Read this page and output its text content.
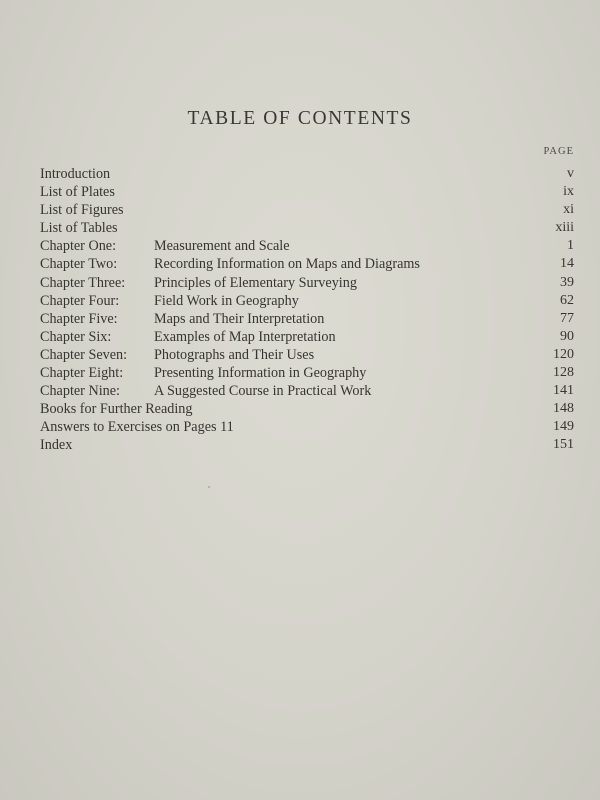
TABLE OF CONTENTS
PAGE
Introduction	v
List of Plates	ix
List of Figures	xi
List of Tables	xiii
Chapter One:	Measurement and Scale	1
Chapter Two:	Recording Information on Maps and Diagrams	14
Chapter Three: Principles of Elementary Surveying	39
Chapter Four: Field Work in Geography	62
Chapter Five:	Maps and Their Interpretation	77
Chapter Six:	Examples of Map Interpretation	90
Chapter Seven: Photographs and Their Uses	120
Chapter Eight: Presenting Information in Geography	128
Chapter Nine: A Suggested Course in Practical Work	141
Books for Further Reading	148
Answers to Exercises on Pages 11	149
Index	151
